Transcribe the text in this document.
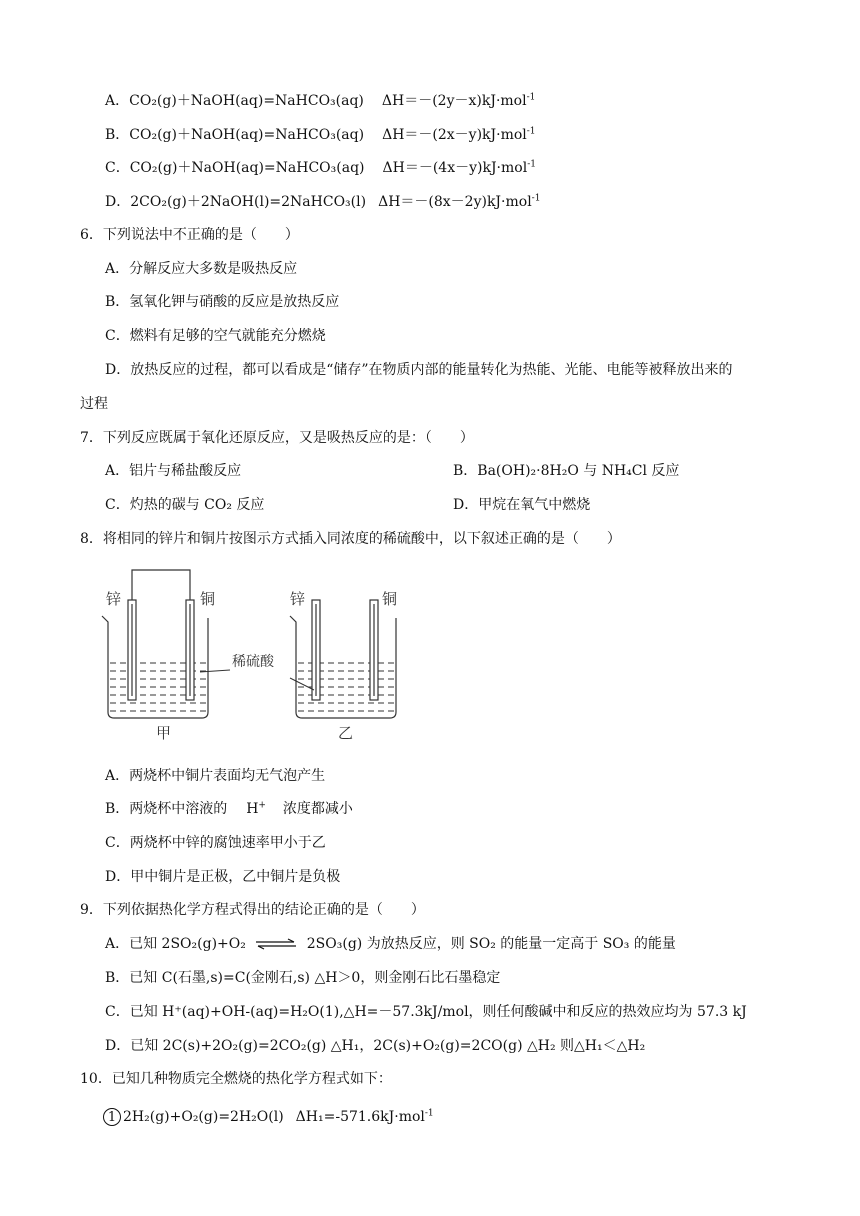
A．CO₂(g)＋NaOH(aq)=NaHCO₃(aq) ΔH＝－(2y－x)kJ·mol$^{-1}$
B．CO₂(g)＋NaOH(aq)=NaHCO₃(aq) ΔH＝－(2x－y)kJ·mol$^{-1}$
C．CO₂(g)＋NaOH(aq)=NaHCO₃(aq) ΔH＝－(4x－y)kJ·mol$^{-1}$
D．2CO₂(g)＋2NaOH(l)=2NaHCO₃(l) ΔH＝－(8x－2y)kJ·mol$^{-1}$
6．下列说法中不正确的是（　　）
A．分解反应大多数是吸热反应
B．氢氧化钾与硝酸的反应是放热反应
C．燃料有足够的空气就能充分燃烧
D．放热反应的过程，都可以看成是“储存”在物质内部的能量转化为热能、光能、电能等被释放出来的
过程
7．下列反应既属于氧化还原反应，又是吸热反应的是：（　　）
A．铝片与稀盐酸反应	B．Ba(OH)₂·8H₂O 与 NH₄Cl 反应
C．灼热的碳与 CO₂ 反应	D．甲烷在氧气中燃烧
8．将相同的锌片和铜片按图示方式插入同浓度的稀硫酸中，以下叙述正确的是（　　）
锌	铜	锌	铜
稀硫酸
甲	乙
A．两烧杯中铜片表面均无气泡产生
B．两烧杯中溶液的 H+ 浓度都减小
C．两烧杯中锌的腐蚀速率甲小于乙
D．甲中铜片是正极，乙中铜片是负极
9．下列依据热化学方程式得出的结论正确的是（　　）
A．已知 2SO₂(g)+O₂ ⇌ 2SO₃(g) 为放热反应，则 SO₂ 的能量一定高于 SO₃ 的能量
B．已知 C(石墨,s)=C(金刚石,s) △H＞0，则金刚石比石墨稳定
C．已知 H⁺(aq)+OH-(aq)=H₂O(1),△H=－57.3kJ/mol，则任何酸碱中和反应的热效应均为 57.3 kJ
D．已知 2C(s)+2O₂(g)=2CO₂(g) △H₁，2C(s)+O₂(g)=2CO(g) △H₂ 则△H₁＜△H₂
10．已知几种物质完全燃烧的热化学方程式如下：
1 2H₂(g)+O₂(g)=2H₂O(l) ΔH₁=-571.6kJ·mol$^{-1}$
